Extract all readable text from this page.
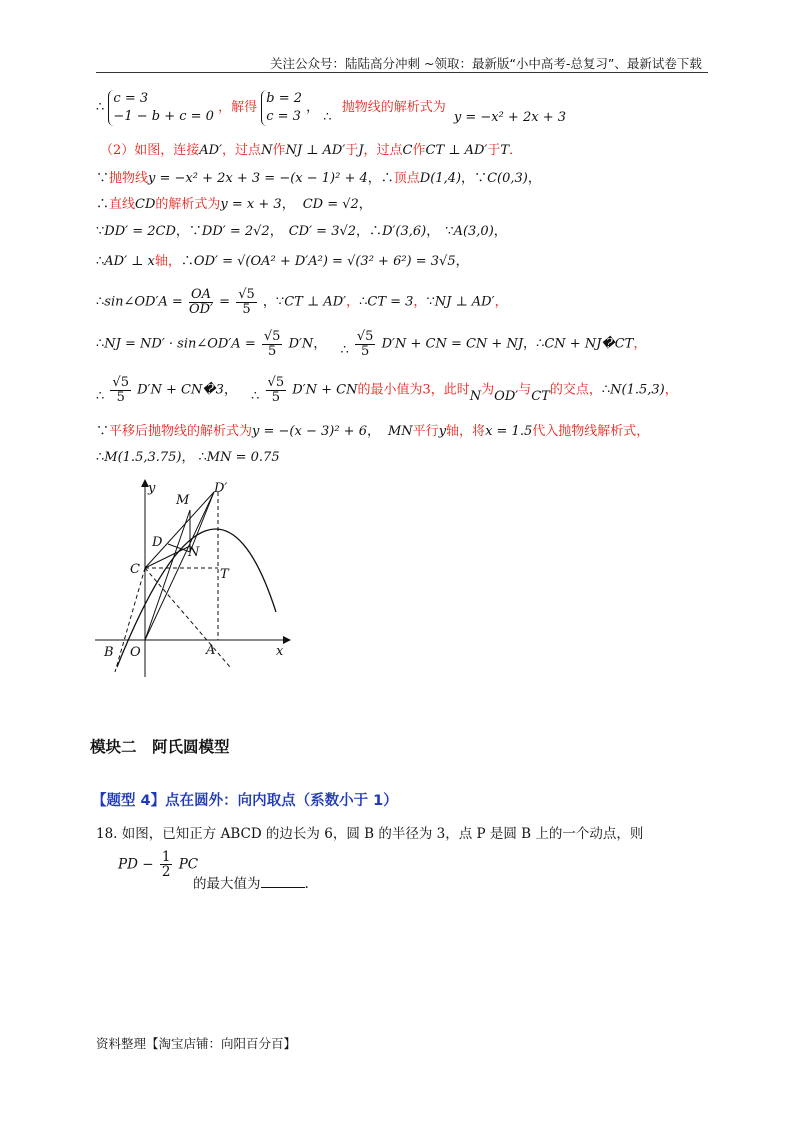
关注公众号：陆陆高分冲刺 ~领取：最新版“小中高考-总复习”、最新试卷下载
∴
c = 3
−1 − b + c = 0
，解得
b = 2
c = 3
， ∴ 抛物线的解析式为 y = −x² + 2x + 3
（2）如图，连接AD′，过点N作NJ ⊥ AD′于J，过点C作CT ⊥ AD′于T．
∵抛物线y = −x² + 2x + 3 = −(x − 1)² + 4，∴顶点D(1,4)，∵C(0,3)，
∴直线CD的解析式为y = x + 3， CD = √2，
∵DD′ = 2CD，∵DD′ = 2√2， CD′ = 3√2，∴D′(3,6)， ∵A(3,0)，
∴AD′ ⊥ x轴，∴OD′ = √(OA² + D′A²) = √(3² + 6²) = 3√5，
∴sin∠OD′A = $\frac{OA}{OD'} = \frac{√5}{5}$ ，∵CT ⊥ AD′，∴CT = 3，∵NJ ⊥ AD′，
∴NJ = ND′ · sin∠OD′A = $\frac{√5}{5} D'N$， ∴ $\frac{√5}{5} D'N$ + CN = CN + NJ，∴CN + NJ�CT，
∴ $\frac{√5}{5} D'N$ + CN�3， ∴ $\frac{√5}{5} D'N$ + CN的最小值为3，此时N为OD′与CT的交点，∴N(1.5,3)，
∵平移后抛物线的解析式为y = −(x − 3)² + 6， MN平行y轴，将x = 1.5代入抛物线解析式，
∴M(1.5,3.75)， ∴MN = 0.75
y
x
M
D′
D
N
C	T
B O	A
模块二　阿氏圆模型
【题型 4】点在圆外：向内取点（系数小于 1）
18. 如图，已知正方 ABCD 的边长为 6，圆 B 的半径为 3，点 P 是圆 B 上的一个动点，则
PD − $\frac{1}{2}$ PC
的最大值为	.
资料整理【淘宝店铺：向阳百分百】
